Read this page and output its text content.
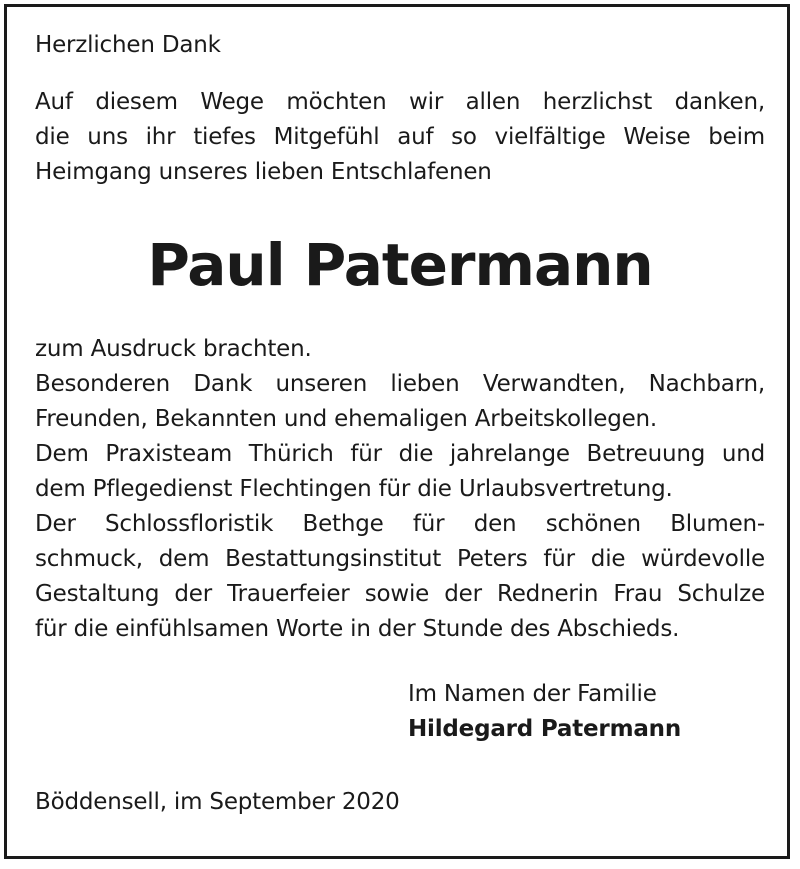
Herzlichen Dank
Auf diesem Wege möchten wir allen herzlichst danken,
die uns ihr tiefes Mitgefühl auf so vielfältige Weise beim
Heimgang unseres lieben Entschlafenen
Paul Patermann
zum Ausdruck brachten.
Besonderen Dank unseren lieben Verwandten, Nachbarn,
Freunden, Bekannten und ehemaligen Arbeitskollegen.
Dem Praxisteam Thürich für die jahrelange Betreuung und
dem Pflegedienst Flechtingen für die Urlaubsvertretung.
Der Schlossfloristik Bethge für den schönen Blumen-
schmuck, dem Bestattungsinstitut Peters für die würdevolle
Gestaltung der Trauerfeier sowie der Rednerin Frau Schulze
für die einfühlsamen Worte in der Stunde des Abschieds.
Im Namen der Familie
Hildegard Patermann
Böddensell, im September 2020
